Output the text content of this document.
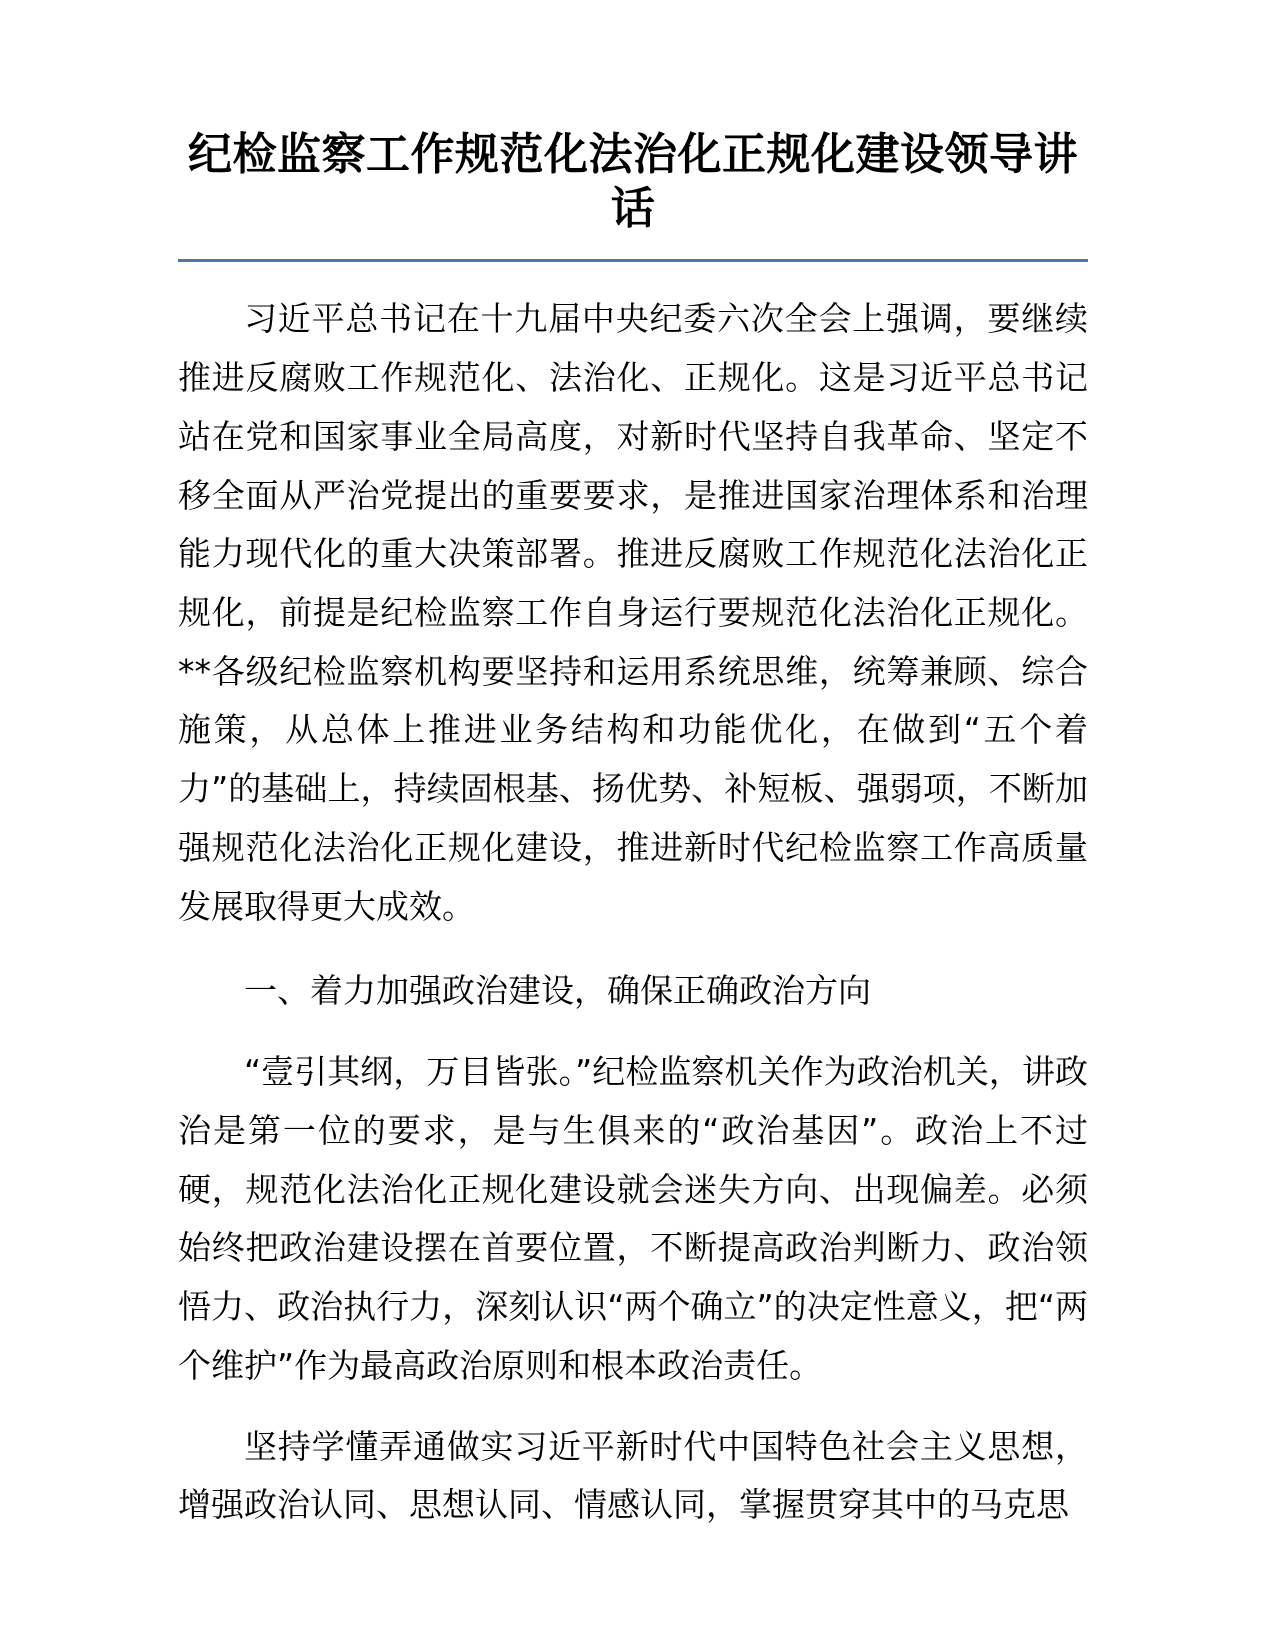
纪检监察工作规范化法治化正规化建设领导讲话

习近平总书记在十九届中央纪委六次全会上强调，要继续推进反腐败工作规范化、法治化、正规化。这是习近平总书记站在党和国家事业全局高度，对新时代坚持自我革命、坚定不移全面从严治党提出的重要要求，是推进国家治理体系和治理能力现代化的重大决策部署。推进反腐败工作规范化法治化正规化，前提是纪检监察工作自身运行要规范化法治化正规化。**各级纪检监察机构要坚持和运用系统思维，统筹兼顾、综合施策，从总体上推进业务结构和功能优化，在做到“五个着力”的基础上，持续固根基、扬优势、补短板、强弱项，不断加强规范化法治化正规化建设，推进新时代纪检监察工作高质量发展取得更大成效。

一、着力加强政治建设，确保正确政治方向

“壹引其纲，万目皆张。”纪检监察机关作为政治机关，讲政治是第一位的要求，是与生俱来的“政治基因”。政治上不过硬，规范化法治化正规化建设就会迷失方向、出现偏差。必须始终把政治建设摆在首要位置，不断提高政治判断力、政治领悟力、政治执行力，深刻认识“两个确立”的决定性意义，把“两个维护”作为最高政治原则和根本政治责任。

坚持学懂弄通做实习近平新时代中国特色社会主义思想，增强政治认同、思想认同、情感认同，掌握贯穿其中的马克思
